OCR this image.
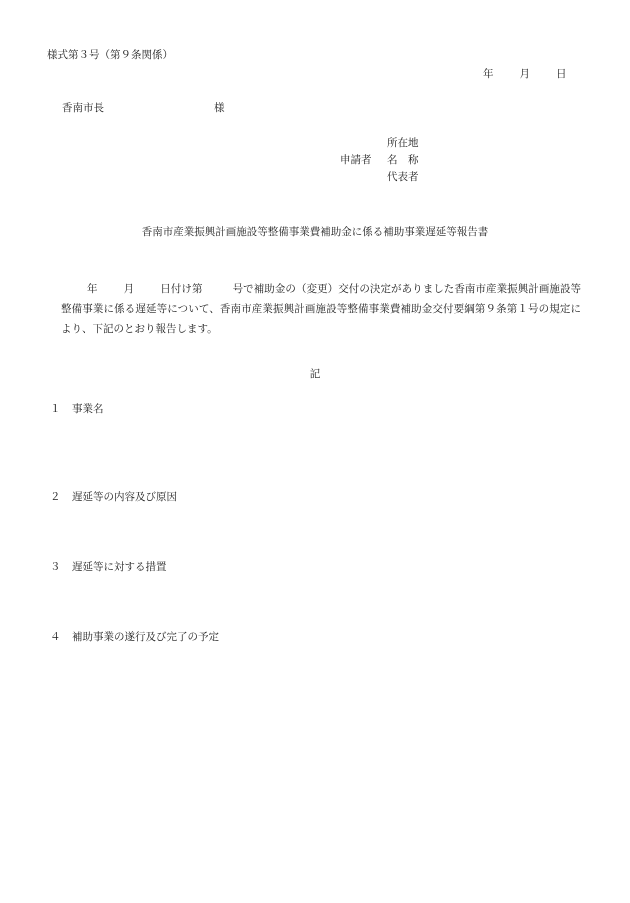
様式第３号（第９条関係）
年 月 日
香南市長	様
所在地
申請者 名　称
代表者
香南市産業振興計画施設等整備事業費補助金に係る補助事業遅延等報告書
年 月 日付け第	号で補助金の（変更）交付の決定がありました香南市産業振興計画施設等整備事業に係る遅延等について、香南市産業振興計画施設等整備事業費補助金交付要綱第９条第１号の規定により、下記のとおり報告します。
記
１ 事業名
２ 遅延等の内容及び原因
３ 遅延等に対する措置
４ 補助事業の遂行及び完了の予定
